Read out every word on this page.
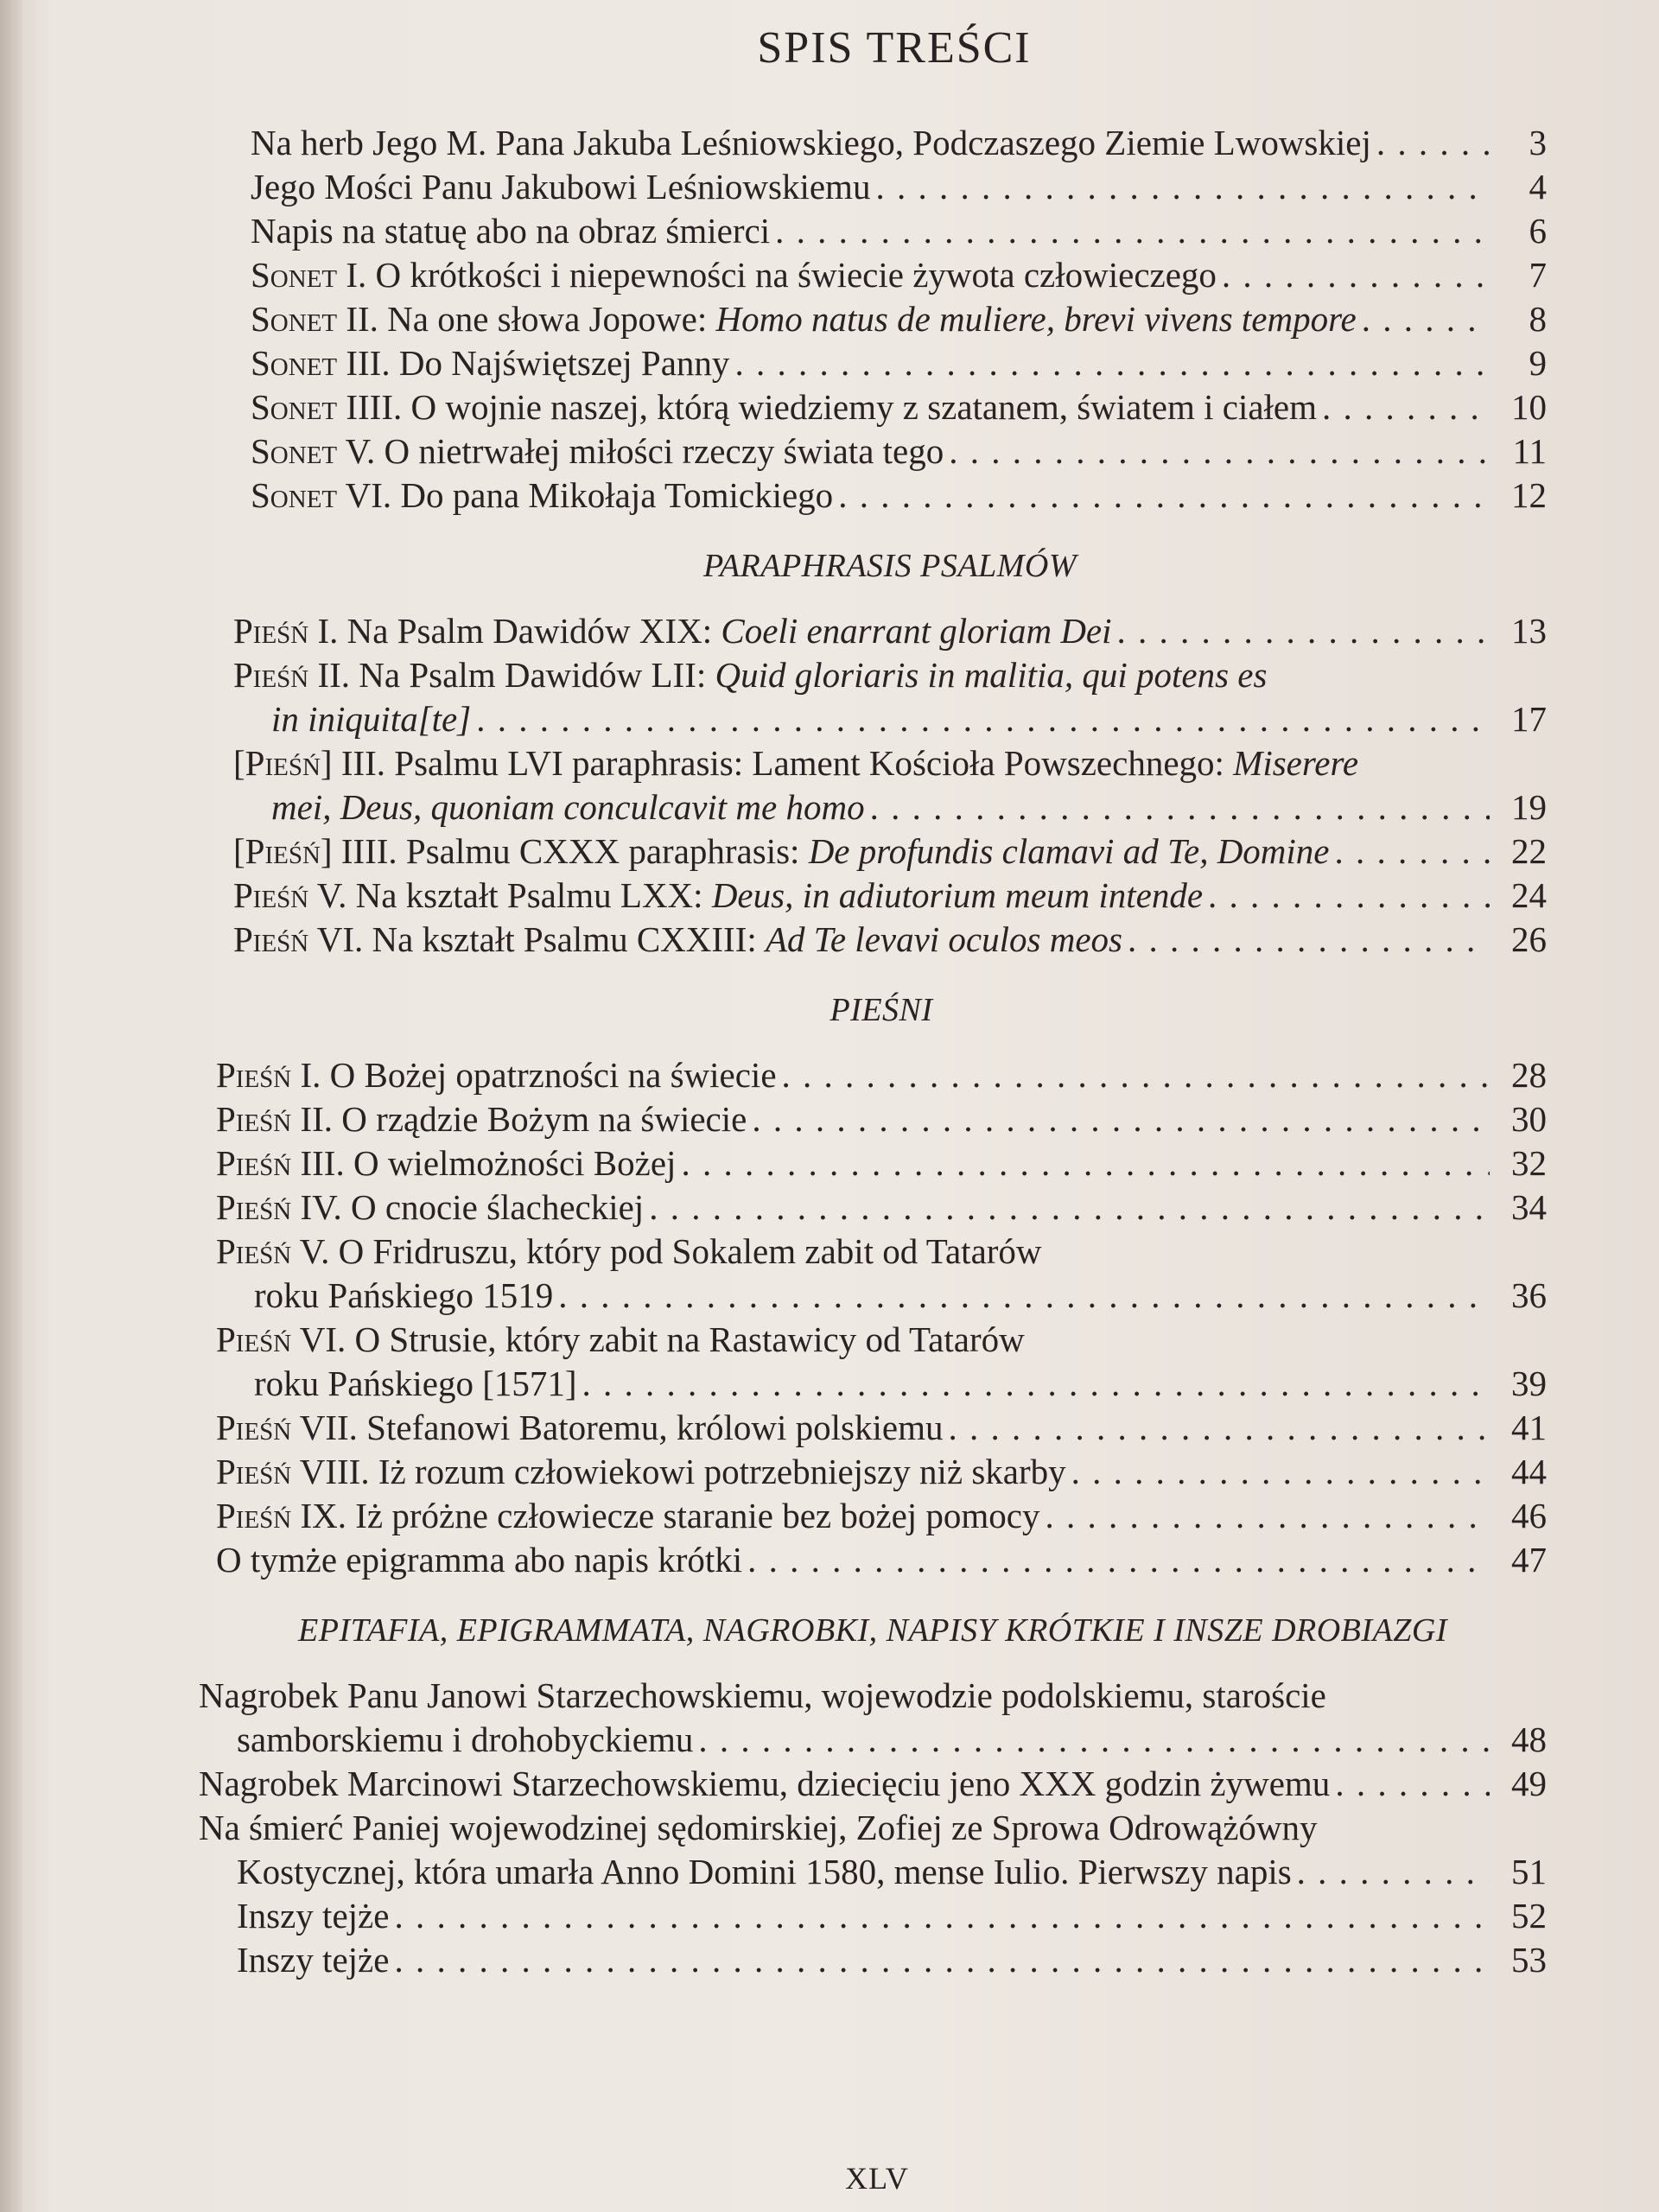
SPIS TREŚCI
Na herb Jego M. Pana Jakuba Leśniowskiego, Podczaszego Ziemie Lwowskiej . . .	3
Jego Mości Panu Jakubowi Leśniowskiemu . . .	4
Napis na statuę abo na obraz śmierci . . .	6
Sonet I. O krótkości i niepewności na świecie żywota człowieczego . . .	7
Sonet II. Na one słowa Jopowe: Homo natus de muliere, brevi vivens tempore . . .	8
Sonet III. Do Najświętszej Panny . . .	9
Sonet IIII. O wojnie naszej, którą wiedziemy z szatanem, światem i ciałem . . .	10
Sonet V. O nietrwałej miłości rzeczy świata tego . . .	11
Sonet VI. Do pana Mikołaja Tomickiego . . .	12
PARAPHRASIS PSALMÓW
Pieśń I. Na Psalm Dawidów XIX: Coeli enarrant gloriam Dei . . .	13
Pieśń II. Na Psalm Dawidów LII: Quid gloriaris in malitia, qui potens es
in iniquita[te] . . .	17
[Pieśń] III. Psalmu LVI paraphrasis: Lament Kościoła Powszechnego: Miserere
mei, Deus, quoniam conculcavit me homo . . .	19
[Pieśń] IIII. Psalmu CXXX paraphrasis: De profundis clamavi ad Te, Domine . . .	22
Pieśń V. Na kształt Psalmu LXX: Deus, in adiutorium meum intende . . .	24
Pieśń VI. Na kształt Psalmu CXXIII: Ad Te levavi oculos meos . . .	26
PIEŚNI
Pieśń I. O Bożej opatrzności na świecie . . .	28
Pieśń II. O rządzie Bożym na świecie . . .	30
Pieśń III. O wielmożności Bożej . . .	32
Pieśń IV. O cnocie ślacheckiej . . .	34
Pieśń V. O Fridruszu, który pod Sokalem zabit od Tatarów
roku Pańskiego 1519 . . .	36
Pieśń VI. O Strusie, który zabit na Rastawicy od Tatarów
roku Pańskiego [1571] . . .	39
Pieśń VII. Stefanowi Batoremu, królowi polskiemu . . .	41
Pieśń VIII. Iż rozum człowiekowi potrzebniejszy niż skarby . . .	44
Pieśń IX. Iż próżne człowiecze staranie bez bożej pomocy . . .	46
O tymże epigramma abo napis krótki . . .	47
EPITAFIA, EPIGRAMMATA, NAGROBKI, NAPISY KRÓTKIE I INSZE DROBIAZGI
Nagrobek Panu Janowi Starzechowskiemu, wojewodzie podolskiemu, staroście
samborskiemu i drohobyckiemu . . .	48
Nagrobek Marcinowi Starzechowskiemu, dziecięciu jeno XXX godzin żywemu . . .	49
Na śmierć Paniej wojewodzinej sędomirskiej, Zofiej ze Sprowa Odrowążówny
Kostycznej, która umarła Anno Domini 1580, mense Iulio. Pierwszy napis . . .	51
Inszy tejże . . .	52
Inszy tejże . . .	53
XLV
